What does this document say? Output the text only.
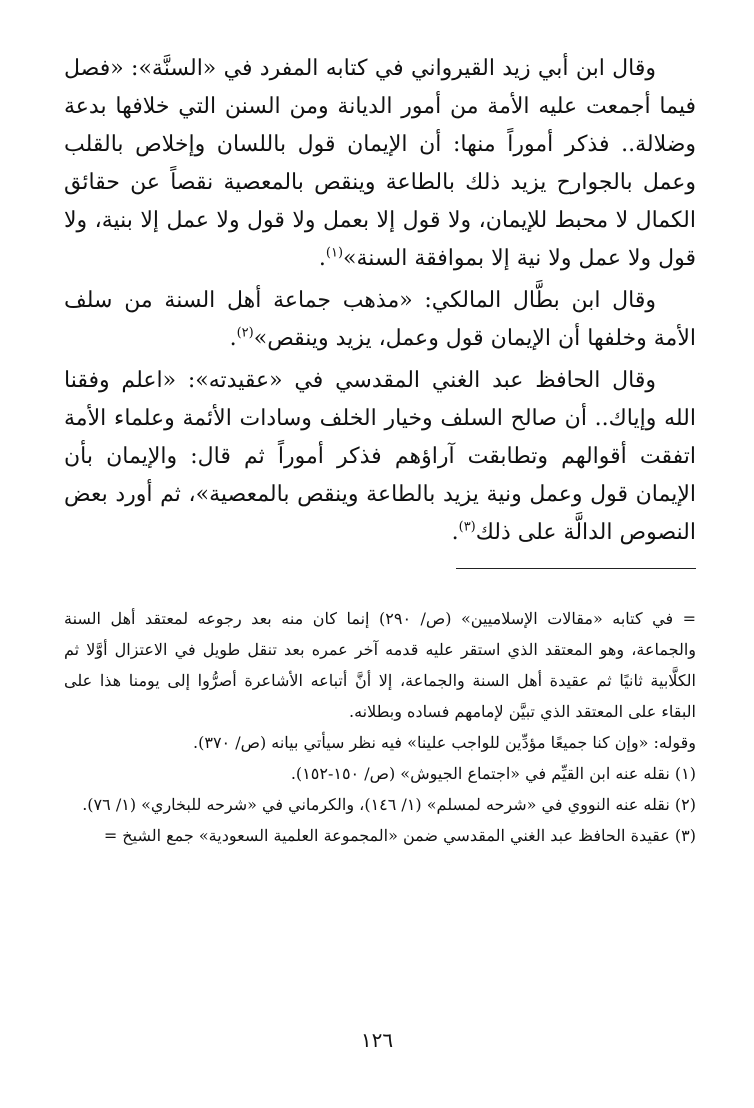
وقال ابن أبي زيد القيرواني في كتابه المفرد في «السنَّة»: «فصل فيما أجمعت عليه الأمة من أمور الديانة ومن السنن التي خلافها بدعة وضلالة.. فذكر أموراً منها: أن الإيمان قول باللسان وإخلاص بالقلب وعمل بالجوارح يزيد ذلك بالطاعة وينقص بالمعصية نقصاً عن حقائق الكمال لا محبط للإيمان، ولا قول إلا بعمل ولا قول ولا عمل إلا بنية، ولا قول ولا عمل ولا نية إلا بموافقة السنة»$^{(١)}$.

وقال ابن بطَّال المالكي: «مذهب جماعة أهل السنة من سلف الأمة وخلفها أن الإيمان قول وعمل، يزيد وينقص»$^{(٢)}$.

وقال الحافظ عبد الغني المقدسي في «عقيدته»: «اعلم وفقنا الله وإياك.. أن صالح السلف وخيار الخلف وسادات الأئمة وعلماء الأمة اتفقت أقوالهم وتطابقت آراؤهم فذكر أموراً ثم قال: والإيمان بأن الإيمان قول وعمل ونية يزيد بالطاعة وينقص بالمعصية»، ثم أورد بعض النصوص الدالَّة على ذلك$^{(٣)}$.

= في كتابه «مقالات الإسلاميين» (ص/ ٢٩٠) إنما كان منه بعد رجوعه لمعتقد أهل السنة والجماعة، وهو المعتقد الذي استقر عليه قدمه آخر عمره بعد تنقل طويل في الاعتزال أوَّلا ثم الكلَّابية ثانيًا ثم عقيدة أهل السنة والجماعة، إلا أنَّ أتباعه الأشاعرة أصرُّوا إلى يومنا هذا على البقاء على المعتقد الذي تبيَّن لإمامهم فساده وبطلانه.

وقوله: «وإن كنا جميعًا مؤدِّين للواجب علينا» فيه نظر سيأتي بيانه (ص/ ٣٧٠).

(١) نقله عنه ابن القيِّم في «اجتماع الجيوش» (ص/ ١٥٠-١٥٢).

(٢) نقله عنه النووي في «شرحه لمسلم» (١/ ١٤٦)، والكرماني في «شرحه للبخاري» (١/ ٧٦).

(٣) عقيدة الحافظ عبد الغني المقدسي ضمن «المجموعة العلمية السعودية» جمع الشيخ =

١٢٦
